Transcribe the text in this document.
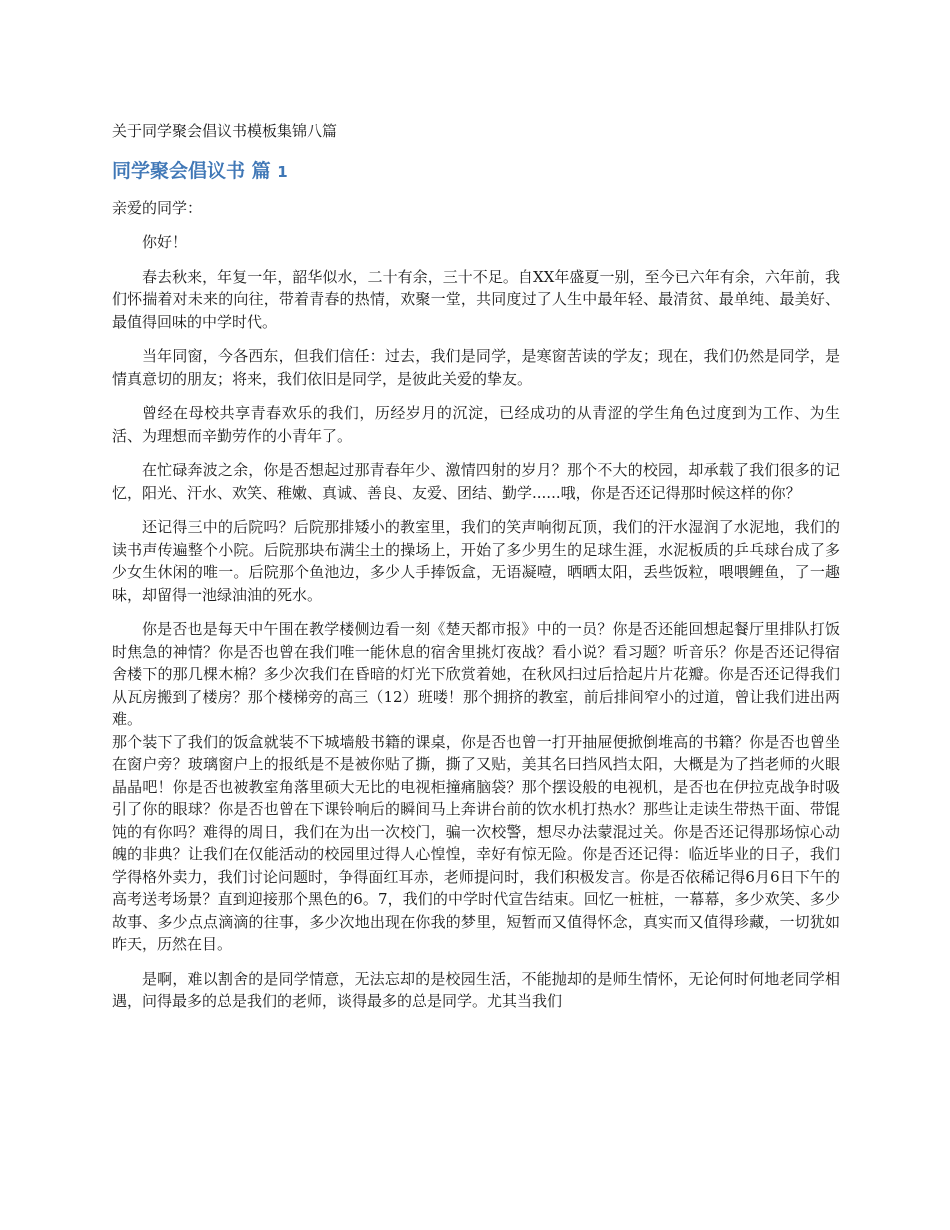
关于同学聚会倡议书模板集锦八篇
同学聚会倡议书 篇 1
亲爱的同学：

你好！

春去秋来，年复一年，韶华似水，二十有余，三十不足。自XX年盛夏一别，至今已六年有余，六年前，我们怀揣着对未来的向往，带着青春的热情，欢聚一堂，共同度过了人生中最年轻、最清贫、最单纯、最美好、最值得回味的中学时代。

当年同窗，今各西东，但我们信任：过去，我们是同学，是寒窗苦读的学友；现在，我们仍然是同学，是情真意切的朋友；将来，我们依旧是同学，是彼此关爱的挚友。

曾经在母校共享青春欢乐的我们，历经岁月的沉淀，已经成功的从青涩的学生角色过度到为工作、为生活、为理想而辛勤劳作的小青年了。

在忙碌奔波之余，你是否想起过那青春年少、激情四射的岁月？那个不大的校园，却承载了我们很多的记忆，阳光、汗水、欢笑、稚嫩、真诚、善良、友爱、团结、勤学......哦，你是否还记得那时候这样的你？

还记得三中的后院吗？后院那排矮小的教室里，我们的笑声响彻瓦顶，我们的汗水湿润了水泥地，我们的读书声传遍整个小院。后院那块布满尘土的操场上，开始了多少男生的足球生涯，水泥板质的乒乓球台成了多少女生休闲的唯一。后院那个鱼池边，多少人手捧饭盒，无语凝噎，晒晒太阳，丢些饭粒，喂喂鲤鱼，了一趣味，却留得一池绿油油的死水。

你是否也是每天中午围在教学楼侧边看一刻《楚天都市报》中的一员？你是否还能回想起餐厅里排队打饭时焦急的神情？你是否也曾在我们唯一能休息的宿舍里挑灯夜战？看小说？看习题？听音乐？你是否还记得宿舍楼下的那几棵木棉？多少次我们在昏暗的灯光下欣赏着她，在秋风扫过后拾起片片花瓣。你是否还记得我们从瓦房搬到了楼房？那个楼梯旁的高三（12）班喽！那个拥挤的教室，前后排间窄小的过道，曾让我们进出两难。

那个装下了我们的饭盒就装不下城墙般书籍的课桌，你是否也曾一打开抽屉便掀倒堆高的书籍？你是否也曾坐在窗户旁？玻璃窗户上的报纸是不是被你贴了撕，撕了又贴，美其名曰挡风挡太阳，大概是为了挡老师的火眼晶晶吧！你是否也被教室角落里硕大无比的电视柜撞痛脑袋？那个摆设般的电视机，是否也在伊拉克战争时吸引了你的眼球？你是否也曾在下课铃响后的瞬间马上奔讲台前的饮水机打热水？那些让走读生带热干面、带馄饨的有你吗？难得的周日，我们在为出一次校门，骗一次校警，想尽办法蒙混过关。你是否还记得那场惊心动魄的非典？让我们在仅能活动的校园里过得人心惶惶，幸好有惊无险。你是否还记得：临近毕业的日子，我们学得格外卖力，我们讨论问题时，争得面红耳赤，老师提问时，我们积极发言。你是否依稀记得6月6日下午的高考送考场景？直到迎接那个黑色的6。7，我们的中学时代宣告结束。回忆一桩桩，一幕幕，多少欢笑、多少故事、多少点点滴滴的往事，多少次地出现在你我的梦里，短暂而又值得怀念，真实而又值得珍藏，一切犹如昨天，历然在目。

是啊，难以割舍的是同学情意，无法忘却的是校园生活，不能抛却的是师生情怀，无论何时何地老同学相遇，问得最多的总是我们的老师，谈得最多的总是同学。尤其当我们
